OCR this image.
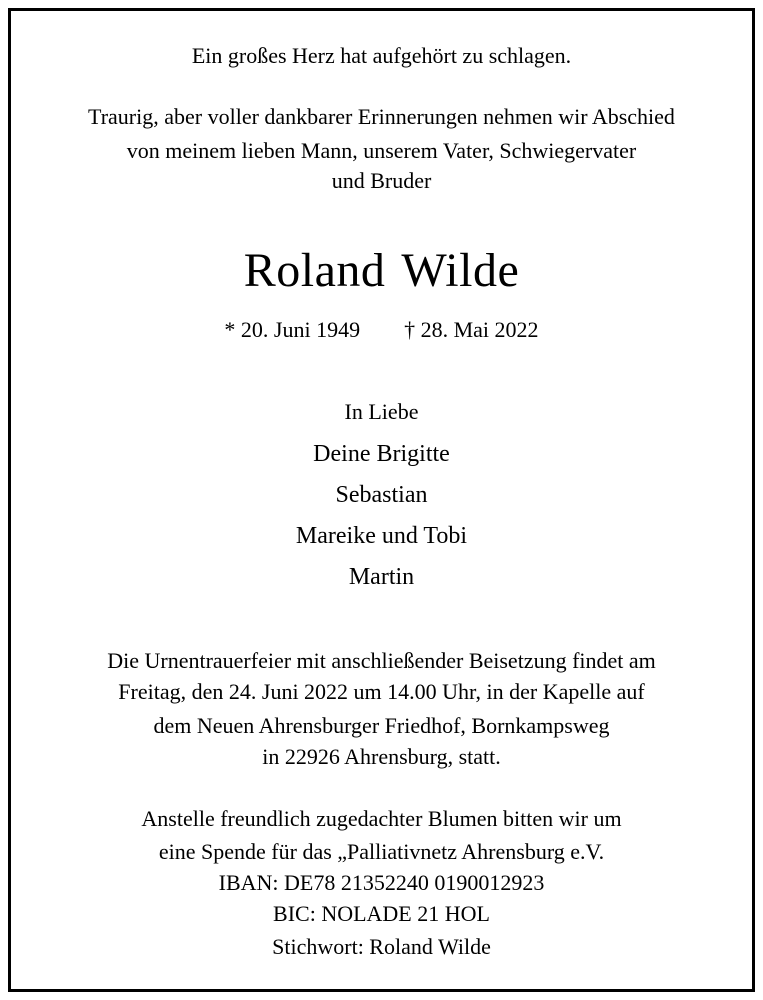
Ein großes Herz hat aufgehört zu schlagen.
Traurig, aber voller dankbarer Erinnerungen nehmen wir Abschied
von meinem lieben Mann, unserem Vater, Schwiegervater
und Bruder
Roland Wilde
* 20. Juni 1949 † 28. Mai 2022
In Liebe
Deine Brigitte
Sebastian
Mareike und Tobi
Martin
Die Urnentrauerfeier mit anschließender Beisetzung findet am
Freitag, den 24. Juni 2022 um 14.00 Uhr, in der Kapelle auf
dem Neuen Ahrensburger Friedhof, Bornkampsweg
in 22926 Ahrensburg, statt.
Anstelle freundlich zugedachter Blumen bitten wir um
eine Spende für das „Palliativnetz Ahrensburg e.V.
IBAN: DE78 21352240 0190012923
BIC: NOLADE 21 HOL
Stichwort: Roland Wilde
